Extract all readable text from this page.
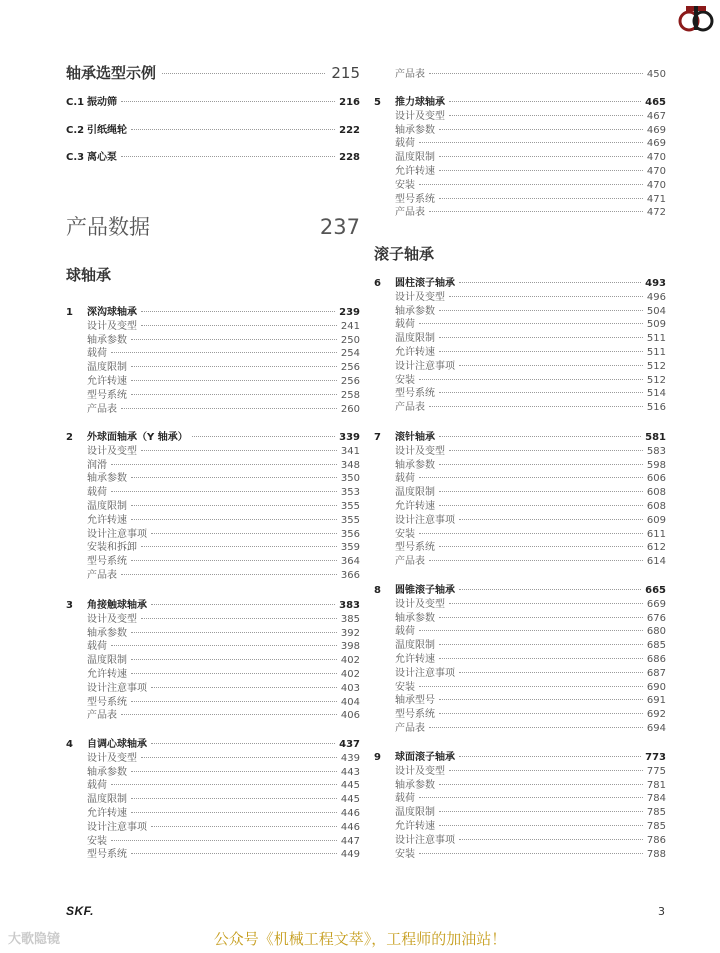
轴承选型示例	215
C.1 振动筛	216
C.2 引纸绳轮	222
C.3 离心泵	228
产品数据	237
球轴承
1	深沟球轴承	239
设计及变型	241
轴承参数	250
载荷	254
温度限制	256
允许转速	256
型号系统	258
产品表	260
2	外球面轴承（Y 轴承）	339
设计及变型	341
润滑	348
轴承参数	350
载荷	353
温度限制	355
允许转速	355
设计注意事项	356
安装和拆卸	359
型号系统	364
产品表	366
3	角接触球轴承	383
设计及变型	385
轴承参数	392
载荷	398
温度限制	402
允许转速	402
设计注意事项	403
型号系统	404
产品表	406
4	自调心球轴承	437
设计及变型	439
轴承参数	443
载荷	445
温度限制	445
允许转速	446
设计注意事项	446
安装	447
型号系统	449
产品表	450
5	推力球轴承	465
设计及变型	467
轴承参数	469
载荷	469
温度限制	470
允许转速	470
安装	470
型号系统	471
产品表	472
滚子轴承
6	圆柱滚子轴承	493
设计及变型	496
轴承参数	504
载荷	509
温度限制	511
允许转速	511
设计注意事项	512
安装	512
型号系统	514
产品表	516
7	滚针轴承	581
设计及变型	583
轴承参数	598
载荷	606
温度限制	608
允许转速	608
设计注意事项	609
安装	611
型号系统	612
产品表	614
8	圆锥滚子轴承	665
设计及变型	669
轴承参数	676
载荷	680
温度限制	685
允许转速	686
设计注意事项	687
安装	690
轴承型号	691
型号系统	692
产品表	694
9	球面滚子轴承	773
设计及变型	775
轴承参数	781
载荷	784
温度限制	785
允许转速	785
设计注意事项	786
安装	788
SKF.	3
大歌隐镜	公众号《机械工程文萃》，工程师的加油站！
